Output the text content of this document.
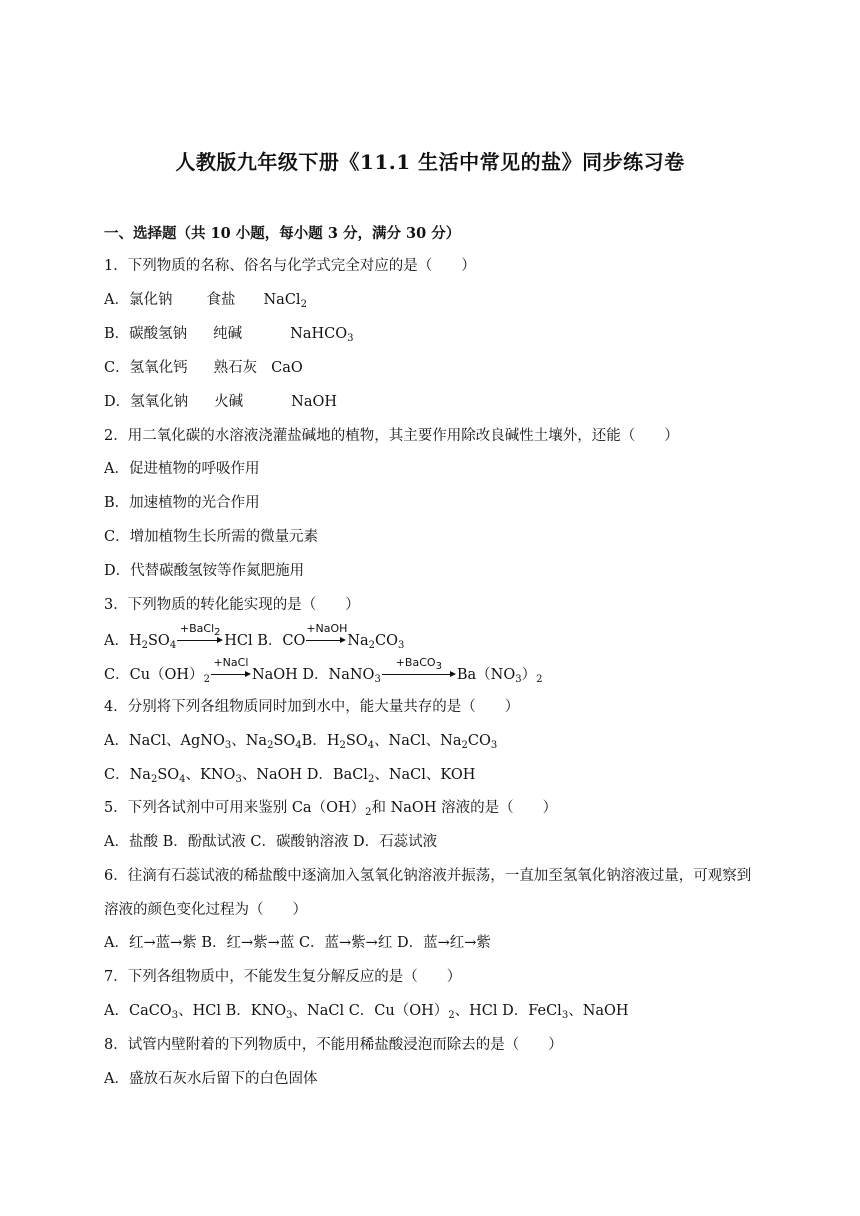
人教版九年级下册《11.1 生活中常见的盐》同步练习卷
一、选择题（共 10 小题，每小题 3 分，满分 30 分）
1．下列物质的名称、俗名与化学式完全对应的是（　　）
A．氯化钠 食盐 NaCl$_2$
B．碳酸氢钠 纯碱	NaHCO$_3$
C．氢氧化钙 熟石灰 CaO
D．氢氧化钠 火碱	NaOH
2．用二氧化碳的水溶液浇灌盐碱地的植物，其主要作用除改良碱性土壤外，还能（　　）
A．促进植物的呼吸作用
B．加速植物的光合作用
C．增加植物生长所需的微量元素
D．代替碳酸氢铵等作氮肥施用
3．下列物质的转化能实现的是（　　）
A．$H_2SO_4$
+BaCl$_2$
HCl B．CO
+NaOH
$Na_2CO_3$
C．$Cu(OH)_2$
+NaCl
NaOH D．NaNO$_3$
+BaCO$_3$
$Ba(NO_3)_2$
4．分别将下列各组物质同时加到水中，能大量共存的是（　　）
A．NaCl、AgNO$_3$、$Na_2SO_4B$．$H_2SO_4$、NaCl、$Na_2CO_3$
C．$Na_2SO_4$、$KNO_3$、NaOH D．BaCl$_2$、NaCl、KOH
5．下列各试剂中可用来鉴别 $Ca(OH)_2$和 NaOH 溶液的是（　　）
A．盐酸 B．酚酞试液 C．碳酸钠溶液 D．石蕊试液
6．往滴有石蕊试液的稀盐酸中逐滴加入氢氧化钠溶液并振荡，一直加至氢氧化钠溶液过量，可观察到溶液的颜色变化过程为（　　）
A．红→蓝→紫 B．红→紫→蓝 C．蓝→紫→红 D．蓝→红→紫
7．下列各组物质中，不能发生复分解反应的是（　　）
A．CaCO$_3$、HCl B．$KNO_3$、NaCl C．$Cu(OH)_2$、HCl D．FeCl$_3$、NaOH
8．试管内壁附着的下列物质中，不能用稀盐酸浸泡而除去的是（　　）
A．盛放石灰水后留下的白色固体
